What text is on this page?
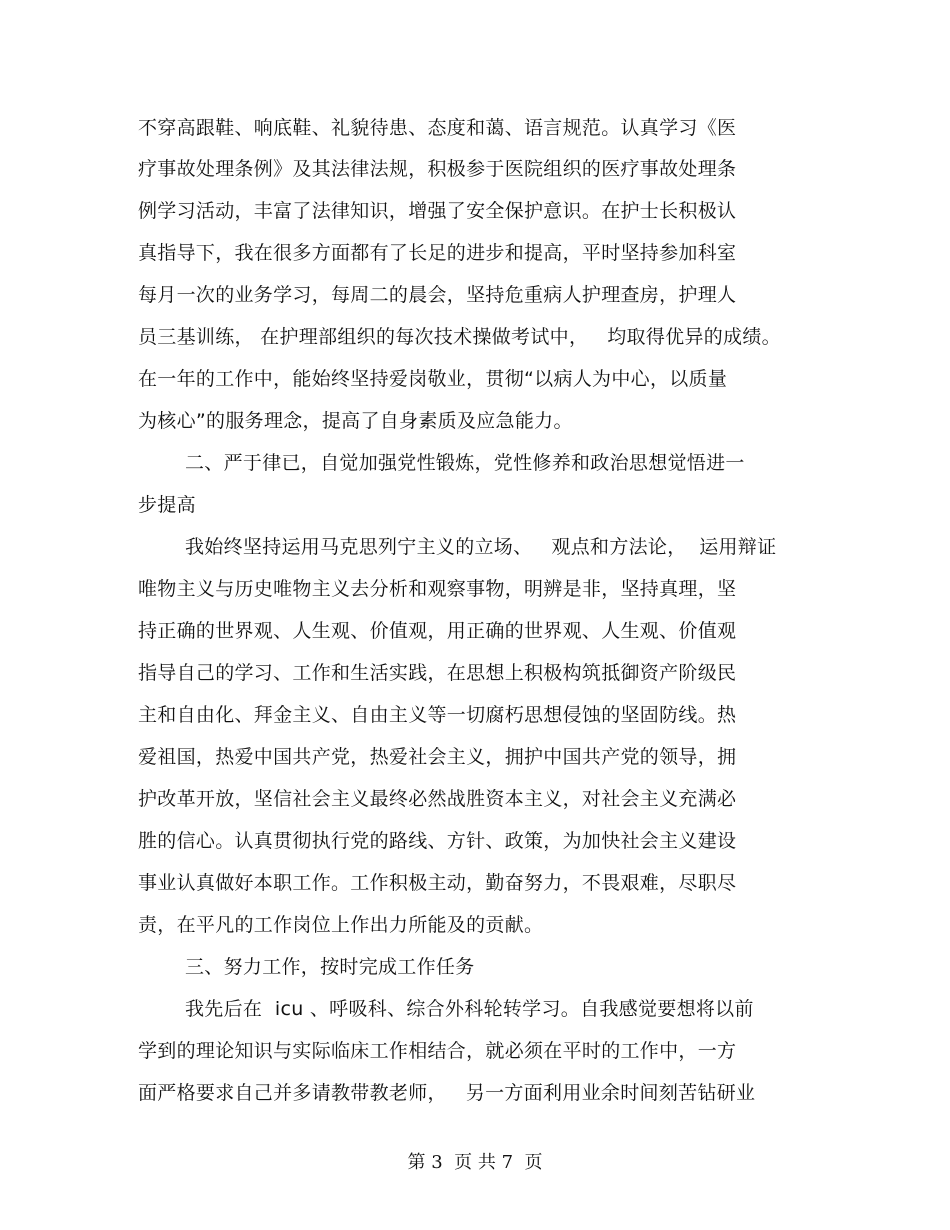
不穿高跟鞋、响底鞋、礼貌待患、态度和蔼、语言规范。认真学习《医
疗事故处理条例》及其法律法规，积极参于医院组织的医疗事故处理条
例学习活动，丰富了法律知识，增强了安全保护意识。在护士长积极认
真指导下，我在很多方面都有了长足的进步和提高，平时坚持参加科室
每月一次的业务学习，每周二的晨会，坚持危重病人护理查房，护理人
员三基训练， 在护理部组织的每次技术操做考试中，   均取得优异的成绩。
在一年的工作中，能始终坚持爱岗敬业，贯彻“以病人为中心，以质量
为核心”的服务理念，提高了自身素质及应急能力。
二、严于律已，自觉加强党性锻炼，党性修养和政治思想觉悟进一
步提高
我始终坚持运用马克思列宁主义的立场、   观点和方法论，  运用辩证
唯物主义与历史唯物主义去分析和观察事物，明辨是非，坚持真理，坚
持正确的世界观、人生观、价值观，用正确的世界观、人生观、价值观
指导自己的学习、工作和生活实践，在思想上积极构筑抵御资产阶级民
主和自由化、拜金主义、自由主义等一切腐朽思想侵蚀的坚固防线。热
爱祖国，热爱中国共产党，热爱社会主义，拥护中国共产党的领导，拥
护改革开放，坚信社会主义最终必然战胜资本主义，对社会主义充满必
胜的信心。认真贯彻执行党的路线、方针、政策，为加快社会主义建设
事业认真做好本职工作。工作积极主动，勤奋努力，不畏艰难，尽职尽
责，在平凡的工作岗位上作出力所能及的贡献。
三、努力工作，按时完成工作任务
我先后在  icu 、呼吸科、综合外科轮转学习。自我感觉要想将以前
学到的理论知识与实际临床工作相结合，就必须在平时的工作中，一方
面严格要求自己并多请教带教老师，   另一方面利用业余时间刻苦钻研业
第 3  页 共 7  页
